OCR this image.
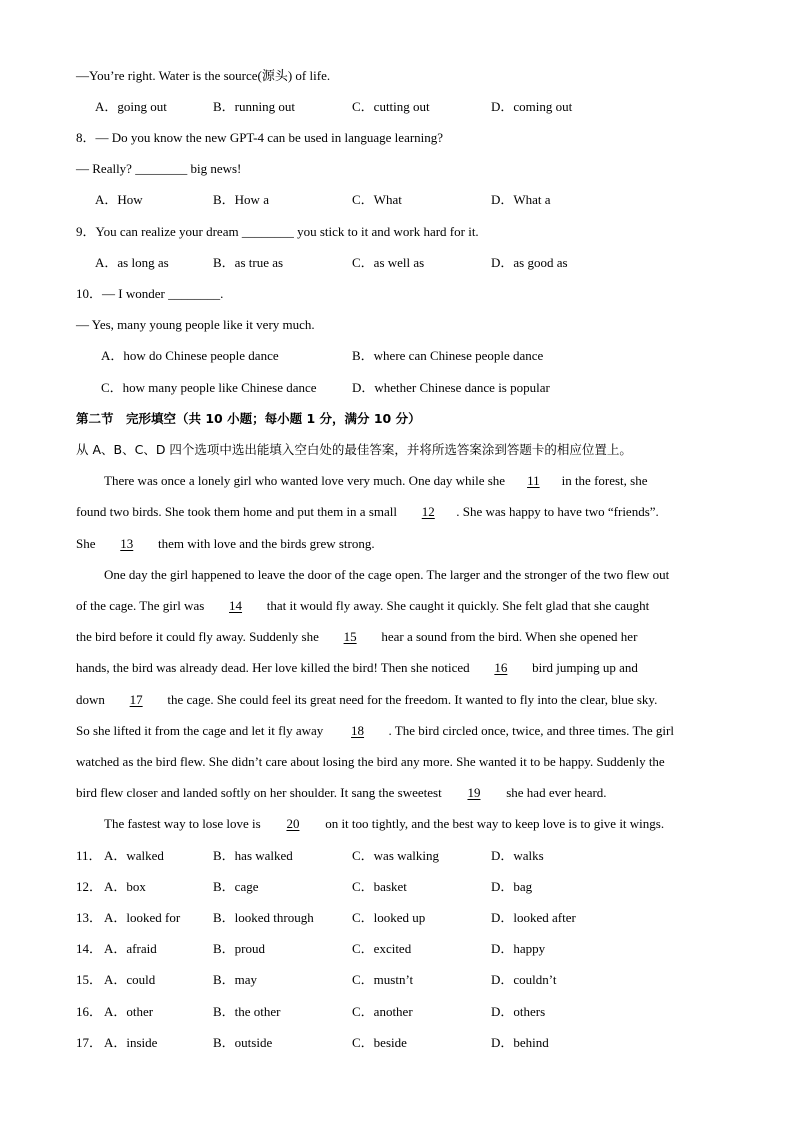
—You’re right. Water is the source(源头) of life.
A．going out	B．running out	C．cutting out	D．coming out
8．— Do you know the new GPT-4 can be used in language learning?
— Really? ________ big news!
A．How	B．How a	C．What	D．What a
9．You can realize your dream ________ you stick to it and work hard for it.
A．as long as	B．as true as	C．as well as	D．as good as
10．— I wonder ________.
— Yes, many young people like it very much.
A．how do Chinese people dance	B．where can Chinese people dance
C．how many people like Chinese dance	D．whether Chinese dance is popular
第二节　完形填空（共 10 小题；每小题 1 分，满分 10 分）
从 A、B、C、D 四个选项中选出能填入空白处的最佳答案，并将所选答案涂到答题卡的相应位置上。
There was once a lonely girl who wanted love very much. One day while she 11 in the forest, she
found two birds. She took them home and put them in a small 12 . She was happy to have two “friends”.
She 13 them with love and the birds grew strong.
One day the girl happened to leave the door of the cage open. The larger and the stronger of the two flew out
of the cage. The girl was 14 that it would fly away. She caught it quickly. She felt glad that she caught
the bird before it could fly away. Suddenly she 15 hear a sound from the bird. When she opened her
hands, the bird was already dead. Her love killed the bird! Then she noticed 16 bird jumping up and
down 17 the cage. She could feel its great need for the freedom. It wanted to fly into the clear, blue sky.
So she lifted it from the cage and let it fly away 18 . The bird circled once, twice, and three times. The girl
watched as the bird flew. She didn’t care about losing the bird any more. She wanted it to be happy. Suddenly the
bird flew closer and landed softly on her shoulder. It sang the sweetest 19 she had ever heard.
The fastest way to lose love is 20 on it too tightly, and the best way to keep love is to give it wings.
11． A．walked	B．has walked	C．was walking	D．walks
12． A．box	B．cage	C．basket	D．bag
13． A．looked for	B．looked through	C．looked up	D．looked after
14． A．afraid	B．proud	C．excited	D．happy
15． A．could	B．may	C．mustn’t	D．couldn’t
16． A．other	B．the other	C．another	D．others
17． A．inside	B．outside	C．beside	D．behind
